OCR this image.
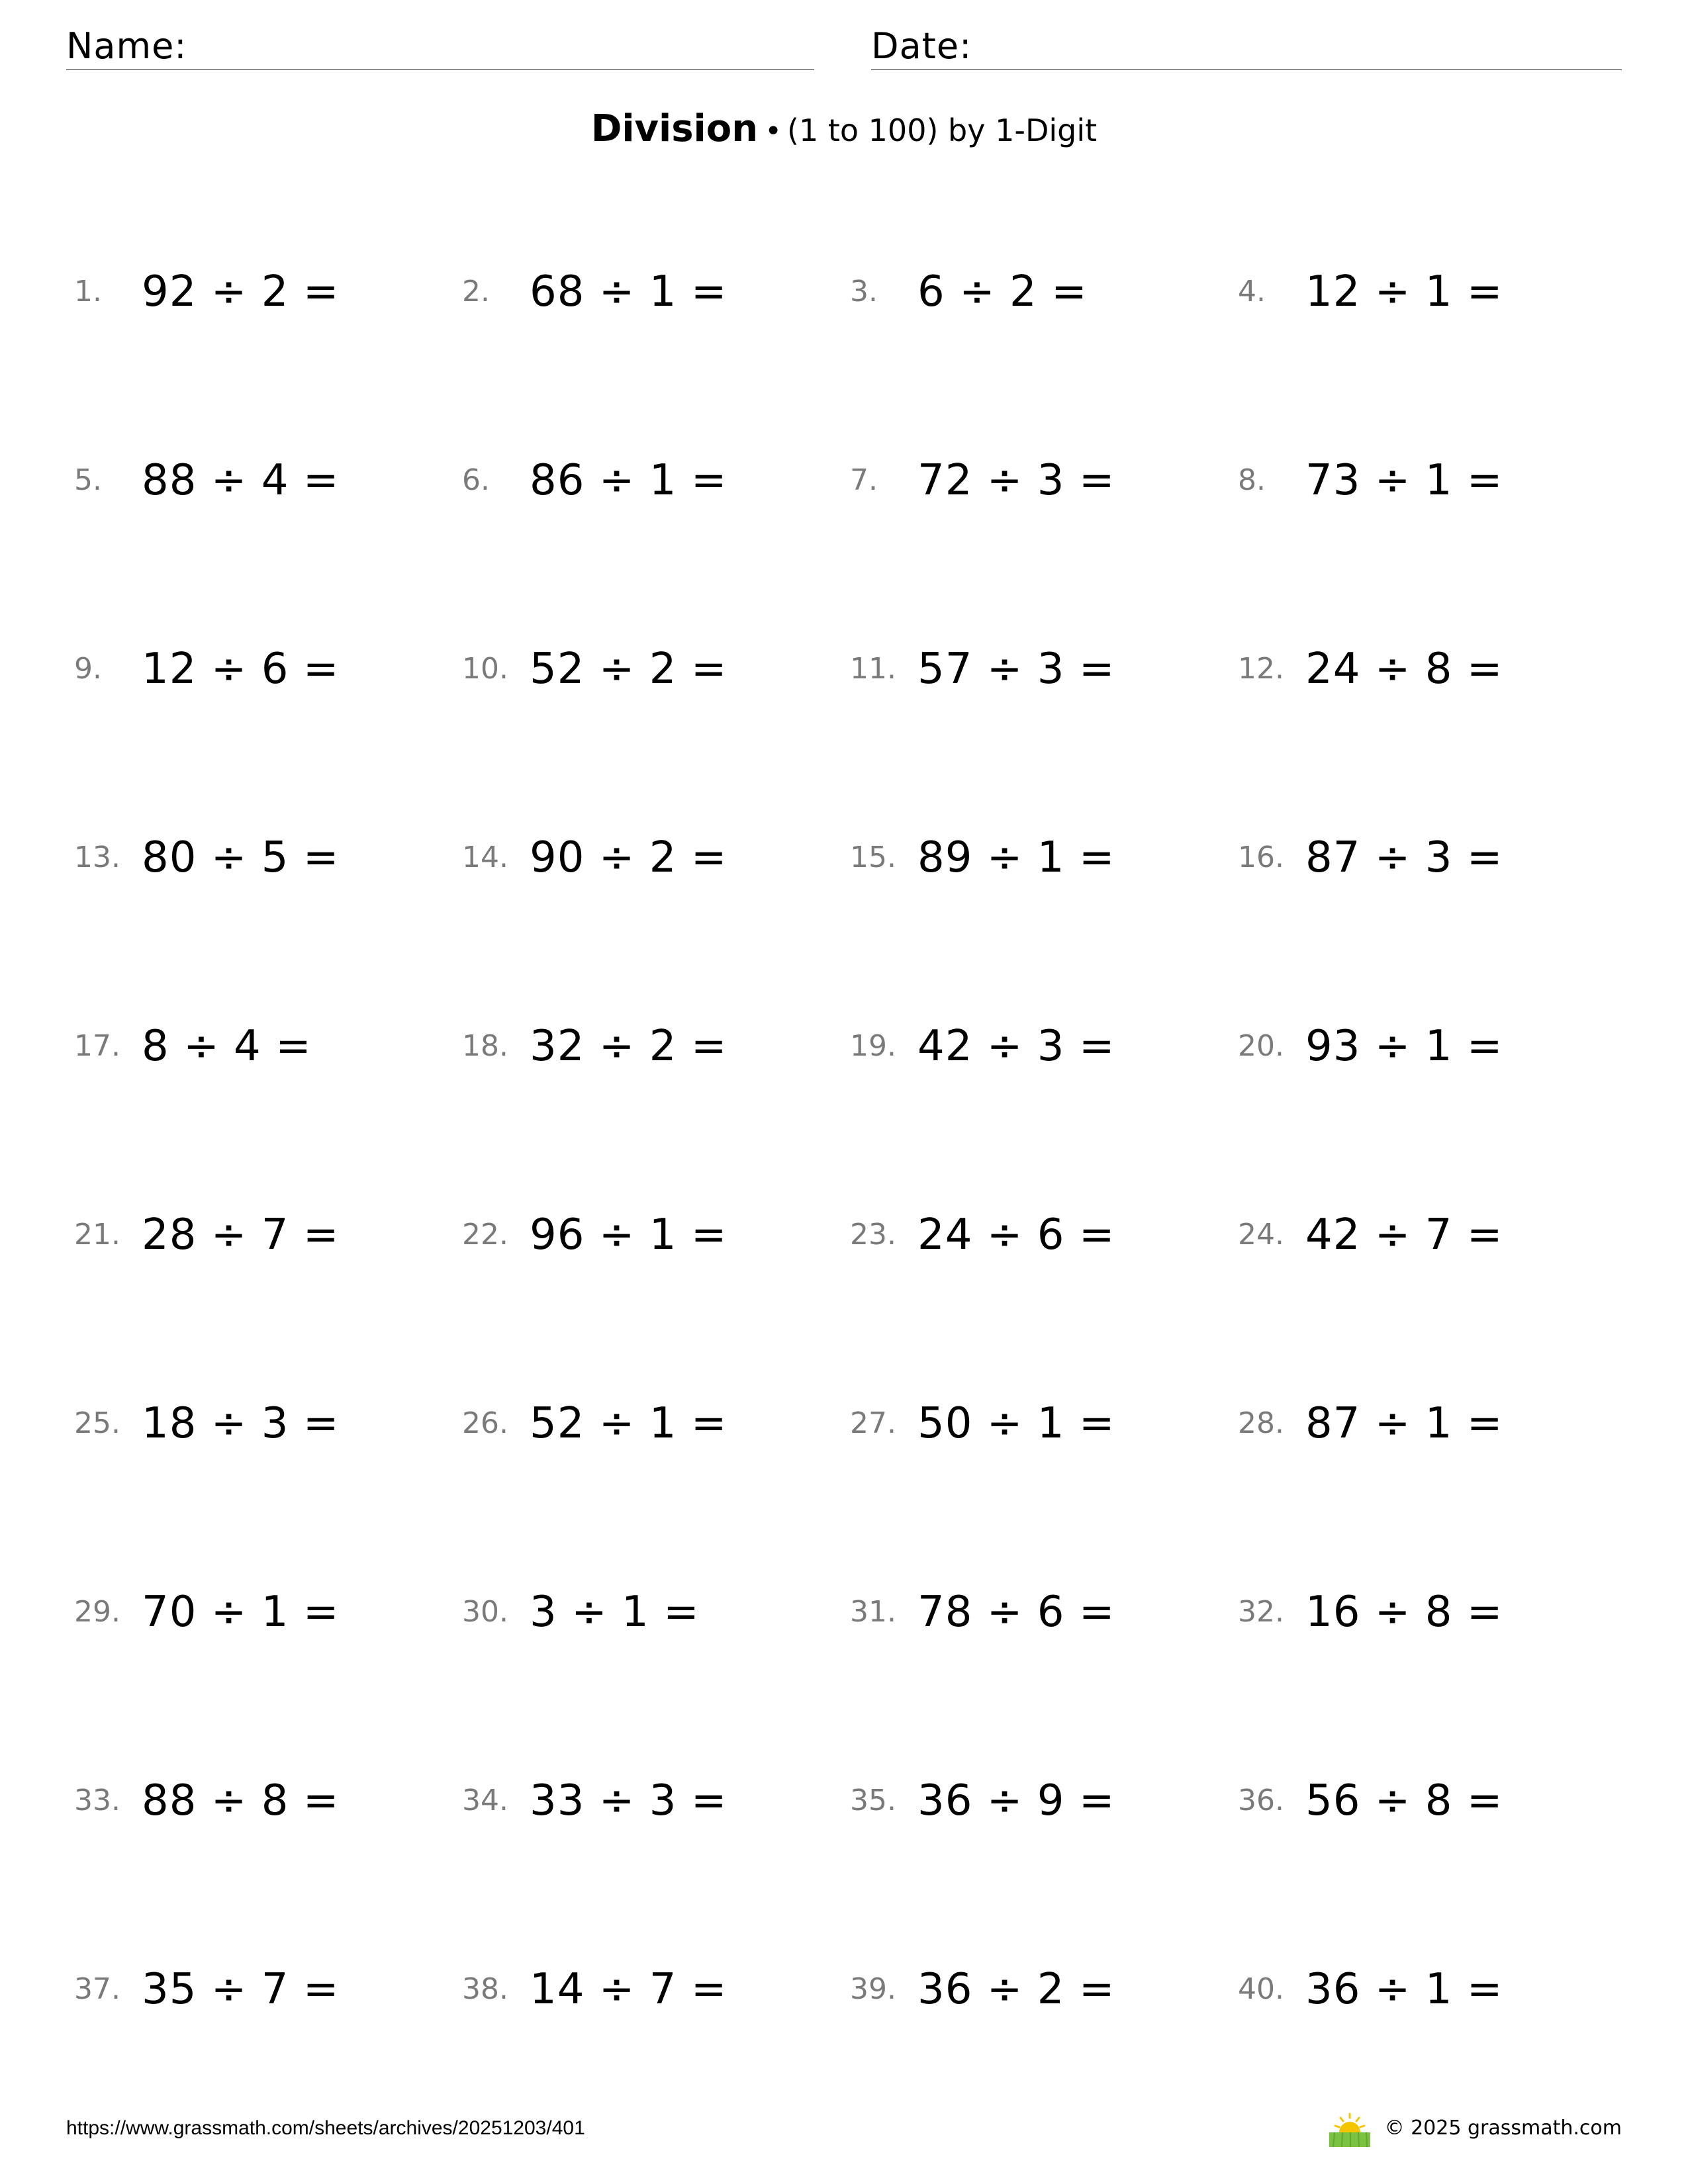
Name:	Date:
Division • (1 to 100) by 1-Digit
1. 92 ÷ 2 =	2. 68 ÷ 1 =	3. 6 ÷ 2 =	4. 12 ÷ 1 =
5. 88 ÷ 4 =	6. 86 ÷ 1 =	7. 72 ÷ 3 =	8. 73 ÷ 1 =
9. 12 ÷ 6 =	10. 52 ÷ 2 =	11. 57 ÷ 3 =	12. 24 ÷ 8 =
13. 80 ÷ 5 =	14. 90 ÷ 2 =	15. 89 ÷ 1 =	16. 87 ÷ 3 =
17. 8 ÷ 4 =	18. 32 ÷ 2 =	19. 42 ÷ 3 =	20. 93 ÷ 1 =
21. 28 ÷ 7 =	22. 96 ÷ 1 =	23. 24 ÷ 6 =	24. 42 ÷ 7 =
25. 18 ÷ 3 =	26. 52 ÷ 1 =	27. 50 ÷ 1 =	28. 87 ÷ 1 =
29. 70 ÷ 1 =	30. 3 ÷ 1 =	31. 78 ÷ 6 =	32. 16 ÷ 8 =
33. 88 ÷ 8 =	34. 33 ÷ 3 =	35. 36 ÷ 9 =	36. 56 ÷ 8 =
37. 35 ÷ 7 =	38. 14 ÷ 7 =	39. 36 ÷ 2 =	40. 36 ÷ 1 =
https://www.grassmath.com/sheets/archives/20251203/401	© 2025 grassmath.com
